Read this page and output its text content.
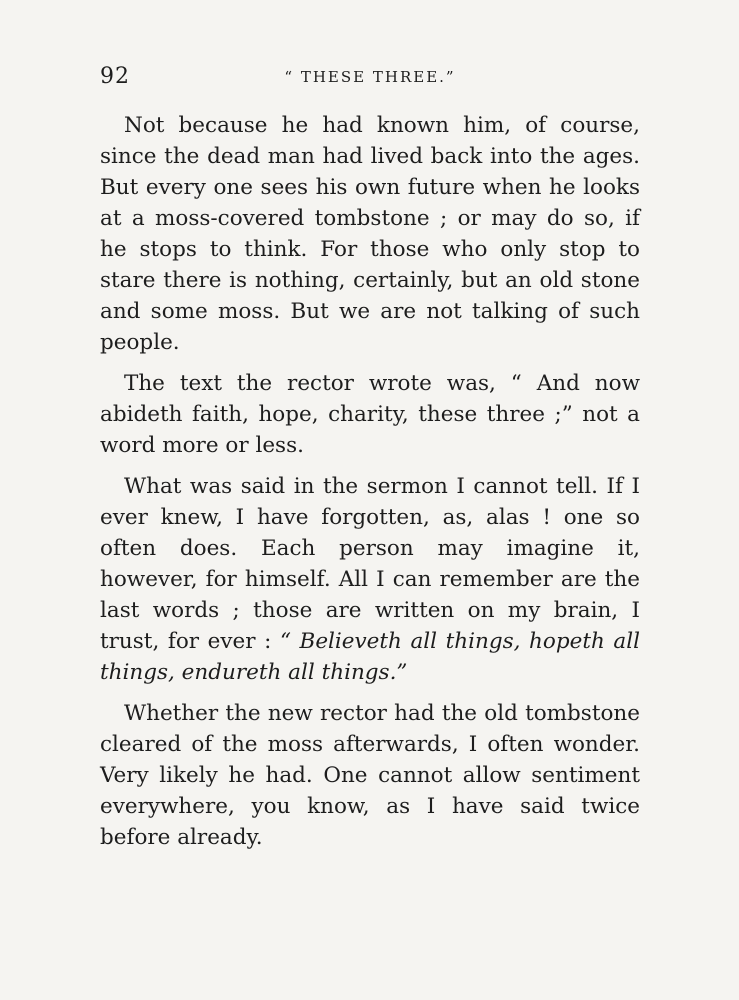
92	“ THESE THREE.”

Not because he had known him, of course, since the dead man had lived back into the ages. But every one sees his own future when he looks at a moss-covered tombstone ; or may do so, if he stops to think. For those who only stop to stare there is nothing, certainly, but an old stone and some moss. But we are not talking of such people.

The text the rector wrote was, “ And now abideth faith, hope, charity, these three ;” not a word more or less.

What was said in the sermon I cannot tell. If I ever knew, I have forgotten, as, alas ! one so often does. Each person may imagine it, however, for himself. All I can remember are the last words ; those are written on my brain, I trust, for ever : “ Believeth all things, hopeth all things, endureth all things.”

Whether the new rector had the old tombstone cleared of the moss afterwards, I often wonder. Very likely he had. One cannot allow sentiment everywhere, you know, as I have said twice before already.
